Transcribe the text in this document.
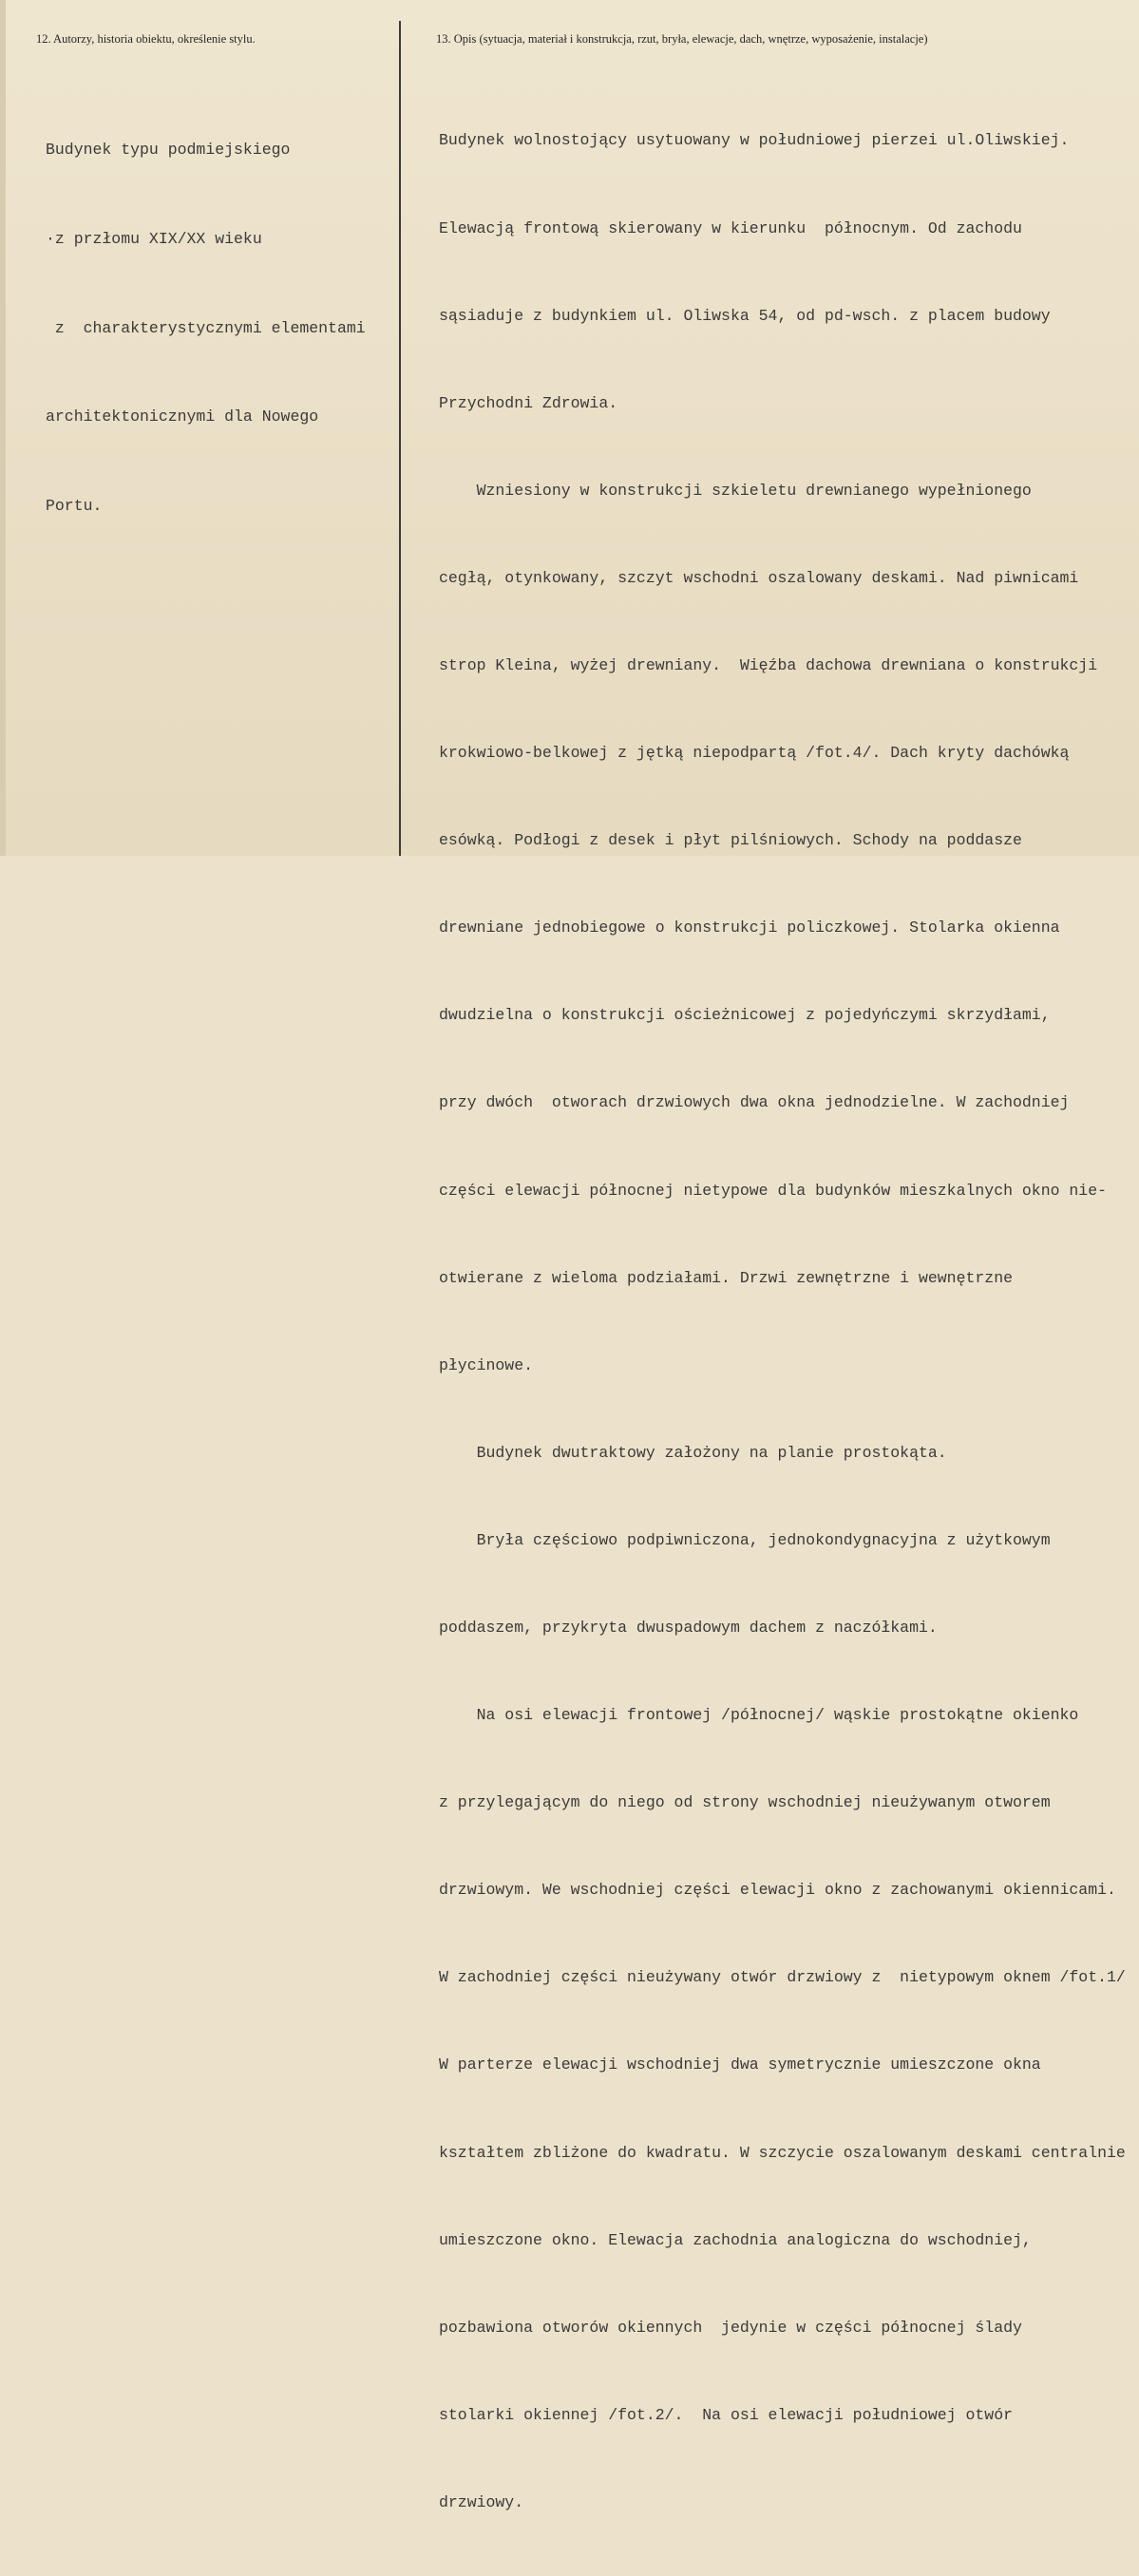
12. Autorzy, historia obiektu, określenie stylu.	13. Opis (sytuacja, materiał i konstrukcja, rzut, bryła, elewacje, dach, wnętrze, wyposażenie, instalacje)

Budynek typu podmiejskiego

·z przłomu XIX/XX wieku

z  charakterystycznymi elementami

architektonicznymi dla Nowego

Portu.

Budynek wolnostojący usytuowany w południowej pierzei ul.Oliwskiej.

Elewacją frontową skierowany w kierunku  północnym. Od zachodu

sąsiaduje z budynkiem ul. Oliwska 54, od pd-wsch. z placem budowy

Przychodni Zdrowia.

Wzniesiony w konstrukcji szkieletu drewnianego wypełnionego

cegłą, otynkowany, szczyt wschodni oszalowany deskami. Nad piwnicami

strop Kleina, wyżej drewniany.  Więźba dachowa drewniana o konstrukcji

krokwiowo-belkowej z jętką niepodpartą /fot.4/. Dach kryty dachówką

esówką. Podłogi z desek i płyt pilśniowych. Schody na poddasze

drewniane jednobiegowe o konstrukcji policzkowej. Stolarka okienna

dwudzielna o konstrukcji ościeżnicowej z pojedyńczymi skrzydłami,

przy dwóch  otworach drzwiowych dwa okna jednodzielne. W zachodniej

części elewacji północnej nietypowe dla budynków mieszkalnych okno nie-

otwierane z wieloma podziałami. Drzwi zewnętrzne i wewnętrzne

płycinowe.

Budynek dwutraktowy założony na planie prostokąta.

Bryła częściowo podpiwniczona, jednokondygnacyjna z użytkowym

poddaszem, przykryta dwuspadowym dachem z naczółkami.

Na osi elewacji frontowej /północnej/ wąskie prostokątne okienko

z przylegającym do niego od strony wschodniej nieużywanym otworem

drzwiowym. We wschodniej części elewacji okno z zachowanymi okiennicami.

W zachodniej części nieużywany otwór drzwiowy z  nietypowym oknem /fot.1/

W parterze elewacji wschodniej dwa symetrycznie umieszczone okna

kształtem zbliżone do kwadratu. W szczycie oszalowanym deskami centralnie

umieszczone okno. Elewacja zachodnia analogiczna do wschodniej,

pozbawiona otworów okiennych  jedynie w części północnej ślady

stolarki okiennej /fot.2/.  Na osi elewacji południowej otwór

drzwiowy.
